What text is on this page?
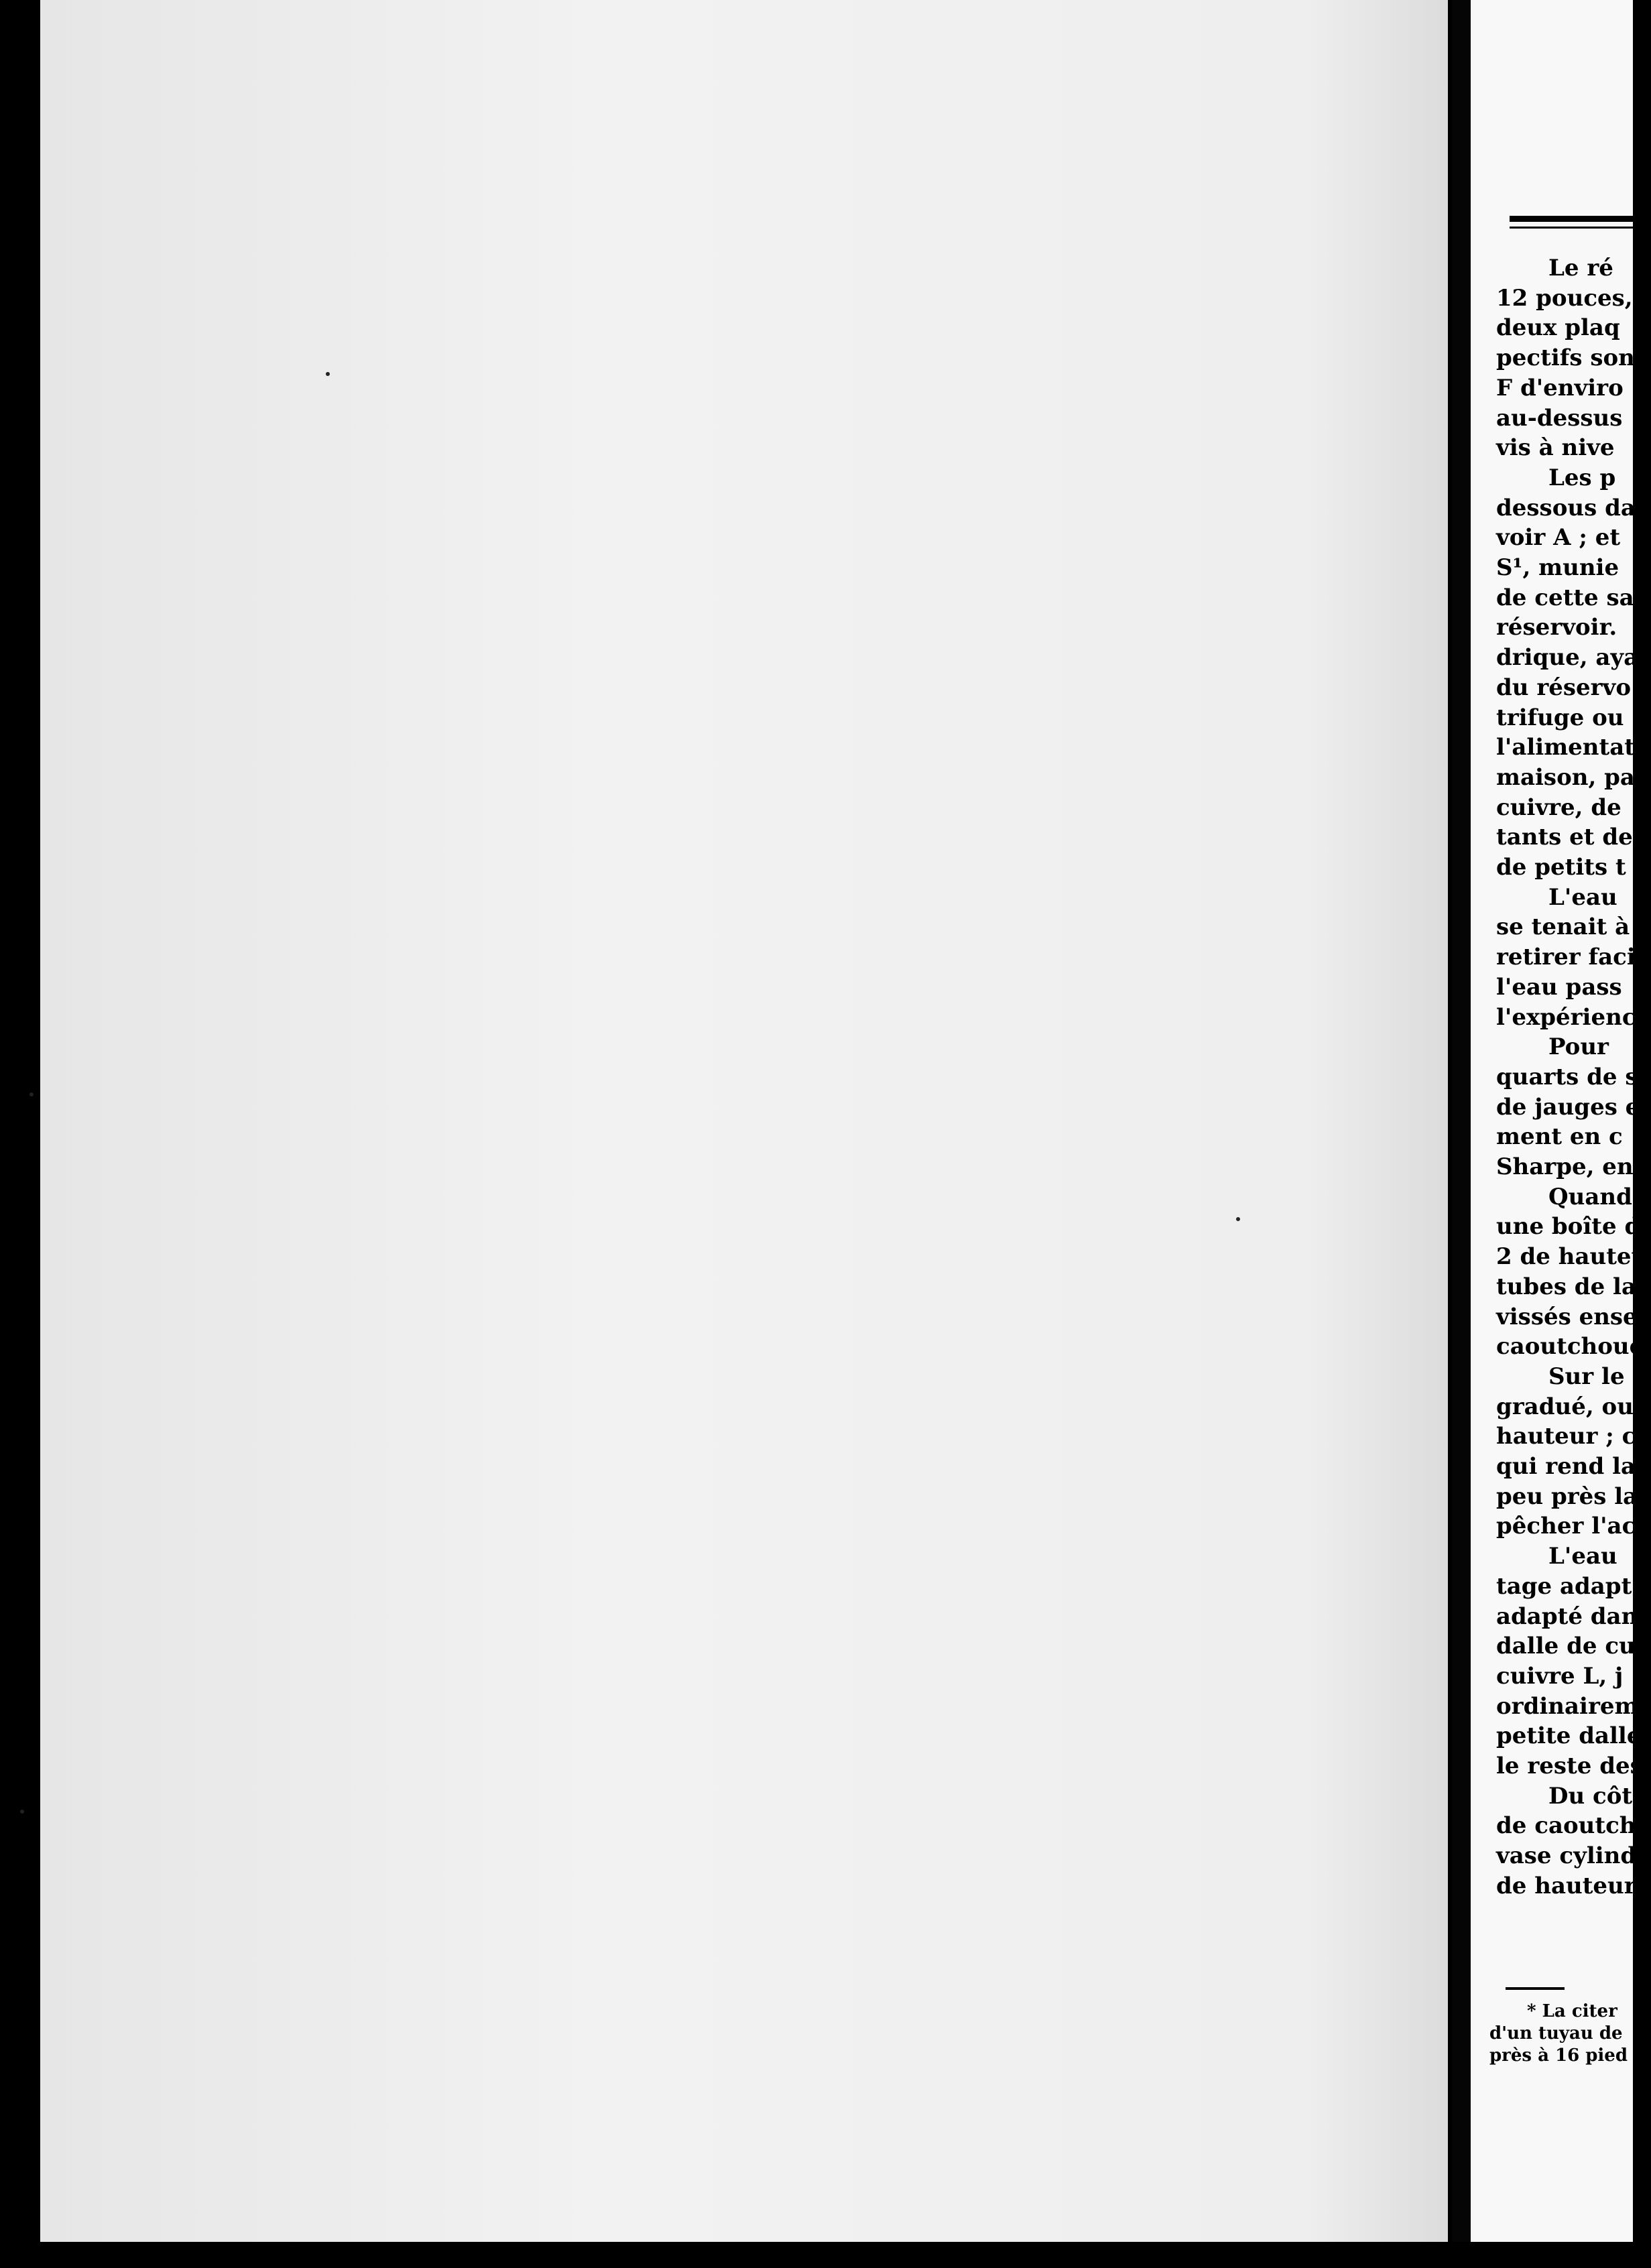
Le ré
12 pouces,
deux plaq
pectifs son
F d'enviro
au-dessus
vis à nive
Les p
dessous da
voir A ; et
S¹, munie
de cette sa
réservoir.
drique, aya
du réservo
trifuge ou
l'alimentat
maison, pa
cuivre, de
tants et de
de petits t
L'eau
se tenait à
retirer faci
l'eau pass
l'expérienc
Pour
quarts de s
de jauges e
ment en c
Sharpe, en
Quand
une boîte d
2 de hauteu
tubes de la
vissés ense
caoutchouc
Sur le
gradué, ouv
hauteur ; c
qui rend la
peu près la
pêcher l'ac
L'eau
tage adapt
adapté dan
dalle de cui
cuivre L, j
ordinairem
petite dalle
le reste des
Du côt
de caoutcho
vase cylind
de hauteur,
* La citer
d'un tuyau de
près à 16 pied
